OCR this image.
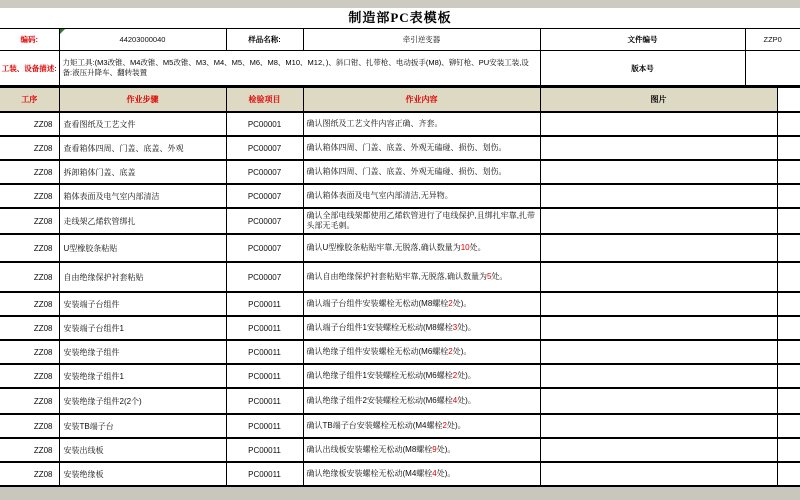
制造部PC表模板
编码:	44203000040	样品名称:	牵引逆变器	文件编号	ZZP0
工装、设备描述:	力矩工具:(M3改锥、M4改锥、M5改锥、M3、M4、M5、M6、M8、M10、M12、)、斜口钳、扎带枪、电动扳手(M8)、铆钉枪、PU安装工装,设备:液压升降车、翻转装置			版本号	
工序	作业步骤	检验项目	作业内容	图片	
ZZ08	查看图纸及工艺文件	PC00001	确认图纸及工艺文件内容正确、齐套。		
ZZ08	查看箱体四周、门盖、底盖、外观	PC00007	确认箱体四周、门盖、底盖、外观无磕碰、损伤、划伤。		
ZZ08	拆卸箱体门盖、底盖	PC00007	确认箱体四周、门盖、底盖、外观无磕碰、损伤、划伤。		
ZZ08	箱体表面及电气室内部清洁	PC00007	确认箱体表面及电气室内部清洁,无异物。		
ZZ08	走线架乙烯软管绑扎	PC00007	确认全部电线架都使用乙烯软管进行了电线保护,且绑扎牢靠,扎带头部无毛刺。		
ZZ08	U型橡胶条粘贴	PC00007	确认U型橡胶条粘贴牢靠,无脱落,确认数量为10处。		
ZZ08	自由绝缘保护衬套粘贴	PC00007	确认自由绝缘保护衬套粘贴牢靠,无脱落,确认数量为5处。		
ZZ08	安装端子台组件	PC00011	确认端子台组件安装螺栓无松动(M8螺栓2处)。		
ZZ08	安装端子台组件1	PC00011	确认端子台组件1安装螺栓无松动(M8螺栓3处)。		
ZZ08	安装绝缘子组件	PC00011	确认绝缘子组件安装螺栓无松动(M6螺栓2处)。		
ZZ08	安装绝缘子组件1	PC00011	确认绝缘子组件1安装螺栓无松动(M6螺栓2处)。		
ZZ08	安装绝缘子组件2(2个)	PC00011	确认绝缘子组件2安装螺栓无松动(M6螺栓4处)。		
ZZ08	安装TB端子台	PC00011	确认TB端子台安装螺栓无松动(M4螺栓2处)。		
ZZ08	安装出线板	PC00011	确认出线板安装螺栓无松动(M8螺栓9处)。		
ZZ08	安装绝缘板	PC00011	确认绝缘板安装螺栓无松动(M4螺栓4处)。		
